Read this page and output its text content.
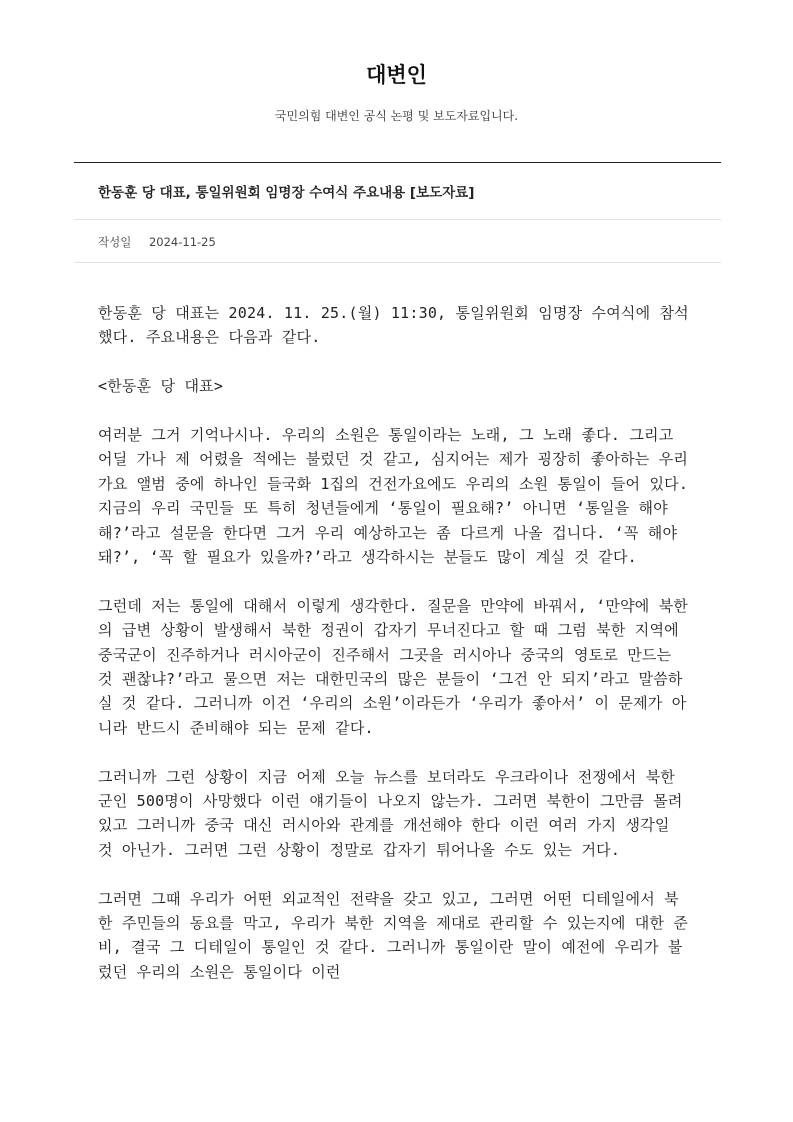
대변인
국민의힘 대변인 공식 논평 및 보도자료입니다.
한동훈 당 대표, 통일위원회 임명장 수여식 주요내용 [보도자료]
작성일 2024-11-25

한동훈 당 대표는 2024. 11. 25.(월) 11:30, 통일위원회 임명장 수여식에 참석했다. 주요내용은 다음과 같다.

<한동훈 당 대표>

여러분 그거 기억나시나. 우리의 소원은 통일이라는 노래, 그 노래 좋다. 그리고 어딜 가나 제 어렸을 적에는 불렀던 것 같고, 심지어는 제가 굉장히 좋아하는 우리 가요 앨범 중에 하나인 들국화 1집의 건전가요에도 우리의 소원 통일이 들어 있다. 지금의 우리 국민들 또 특히 청년들에게 ‘통일이 필요해?’ 아니면 ‘통일을 해야 해?’라고 설문을 한다면 그거 우리 예상하고는 좀 다르게 나올 겁니다. ‘꼭 해야 돼?’, ‘꼭 할 필요가 있을까?’라고 생각하시는 분들도 많이 계실 것 같다.

그런데 저는 통일에 대해서 이렇게 생각한다. 질문을 만약에 바꿔서, ‘만약에 북한의 급변 상황이 발생해서 북한 정권이 갑자기 무너진다고 할 때 그럼 북한 지역에 중국군이 진주하거나 러시아군이 진주해서 그곳을 러시아나 중국의 영토로 만드는 것 괜찮냐?’라고 물으면 저는 대한민국의 많은 분들이 ‘그건 안 되지’라고 말씀하실 것 같다. 그러니까 이건 ‘우리의 소원’이라든가 ‘우리가 좋아서’ 이 문제가 아니라 반드시 준비해야 되는 문제 같다.

그러니까 그런 상황이 지금 어제 오늘 뉴스를 보더라도 우크라이나 전쟁에서 북한 군인 500명이 사망했다 이런 얘기들이 나오지 않는가. 그러면 북한이 그만큼 몰려 있고 그러니까 중국 대신 러시아와 관계를 개선해야 한다 이런 여러 가지 생각일 것 아닌가. 그러면 그런 상황이 정말로 갑자기 튀어나올 수도 있는 거다.

그러면 그때 우리가 어떤 외교적인 전략을 갖고 있고, 그러면 어떤 디테일에서 북한 주민들의 동요를 막고, 우리가 북한 지역을 제대로 관리할 수 있는지에 대한 준비, 결국 그 디테일이 통일인 것 같다. 그러니까 통일이란 말이 예전에 우리가 불렀던 우리의 소원은 통일이다 이런
